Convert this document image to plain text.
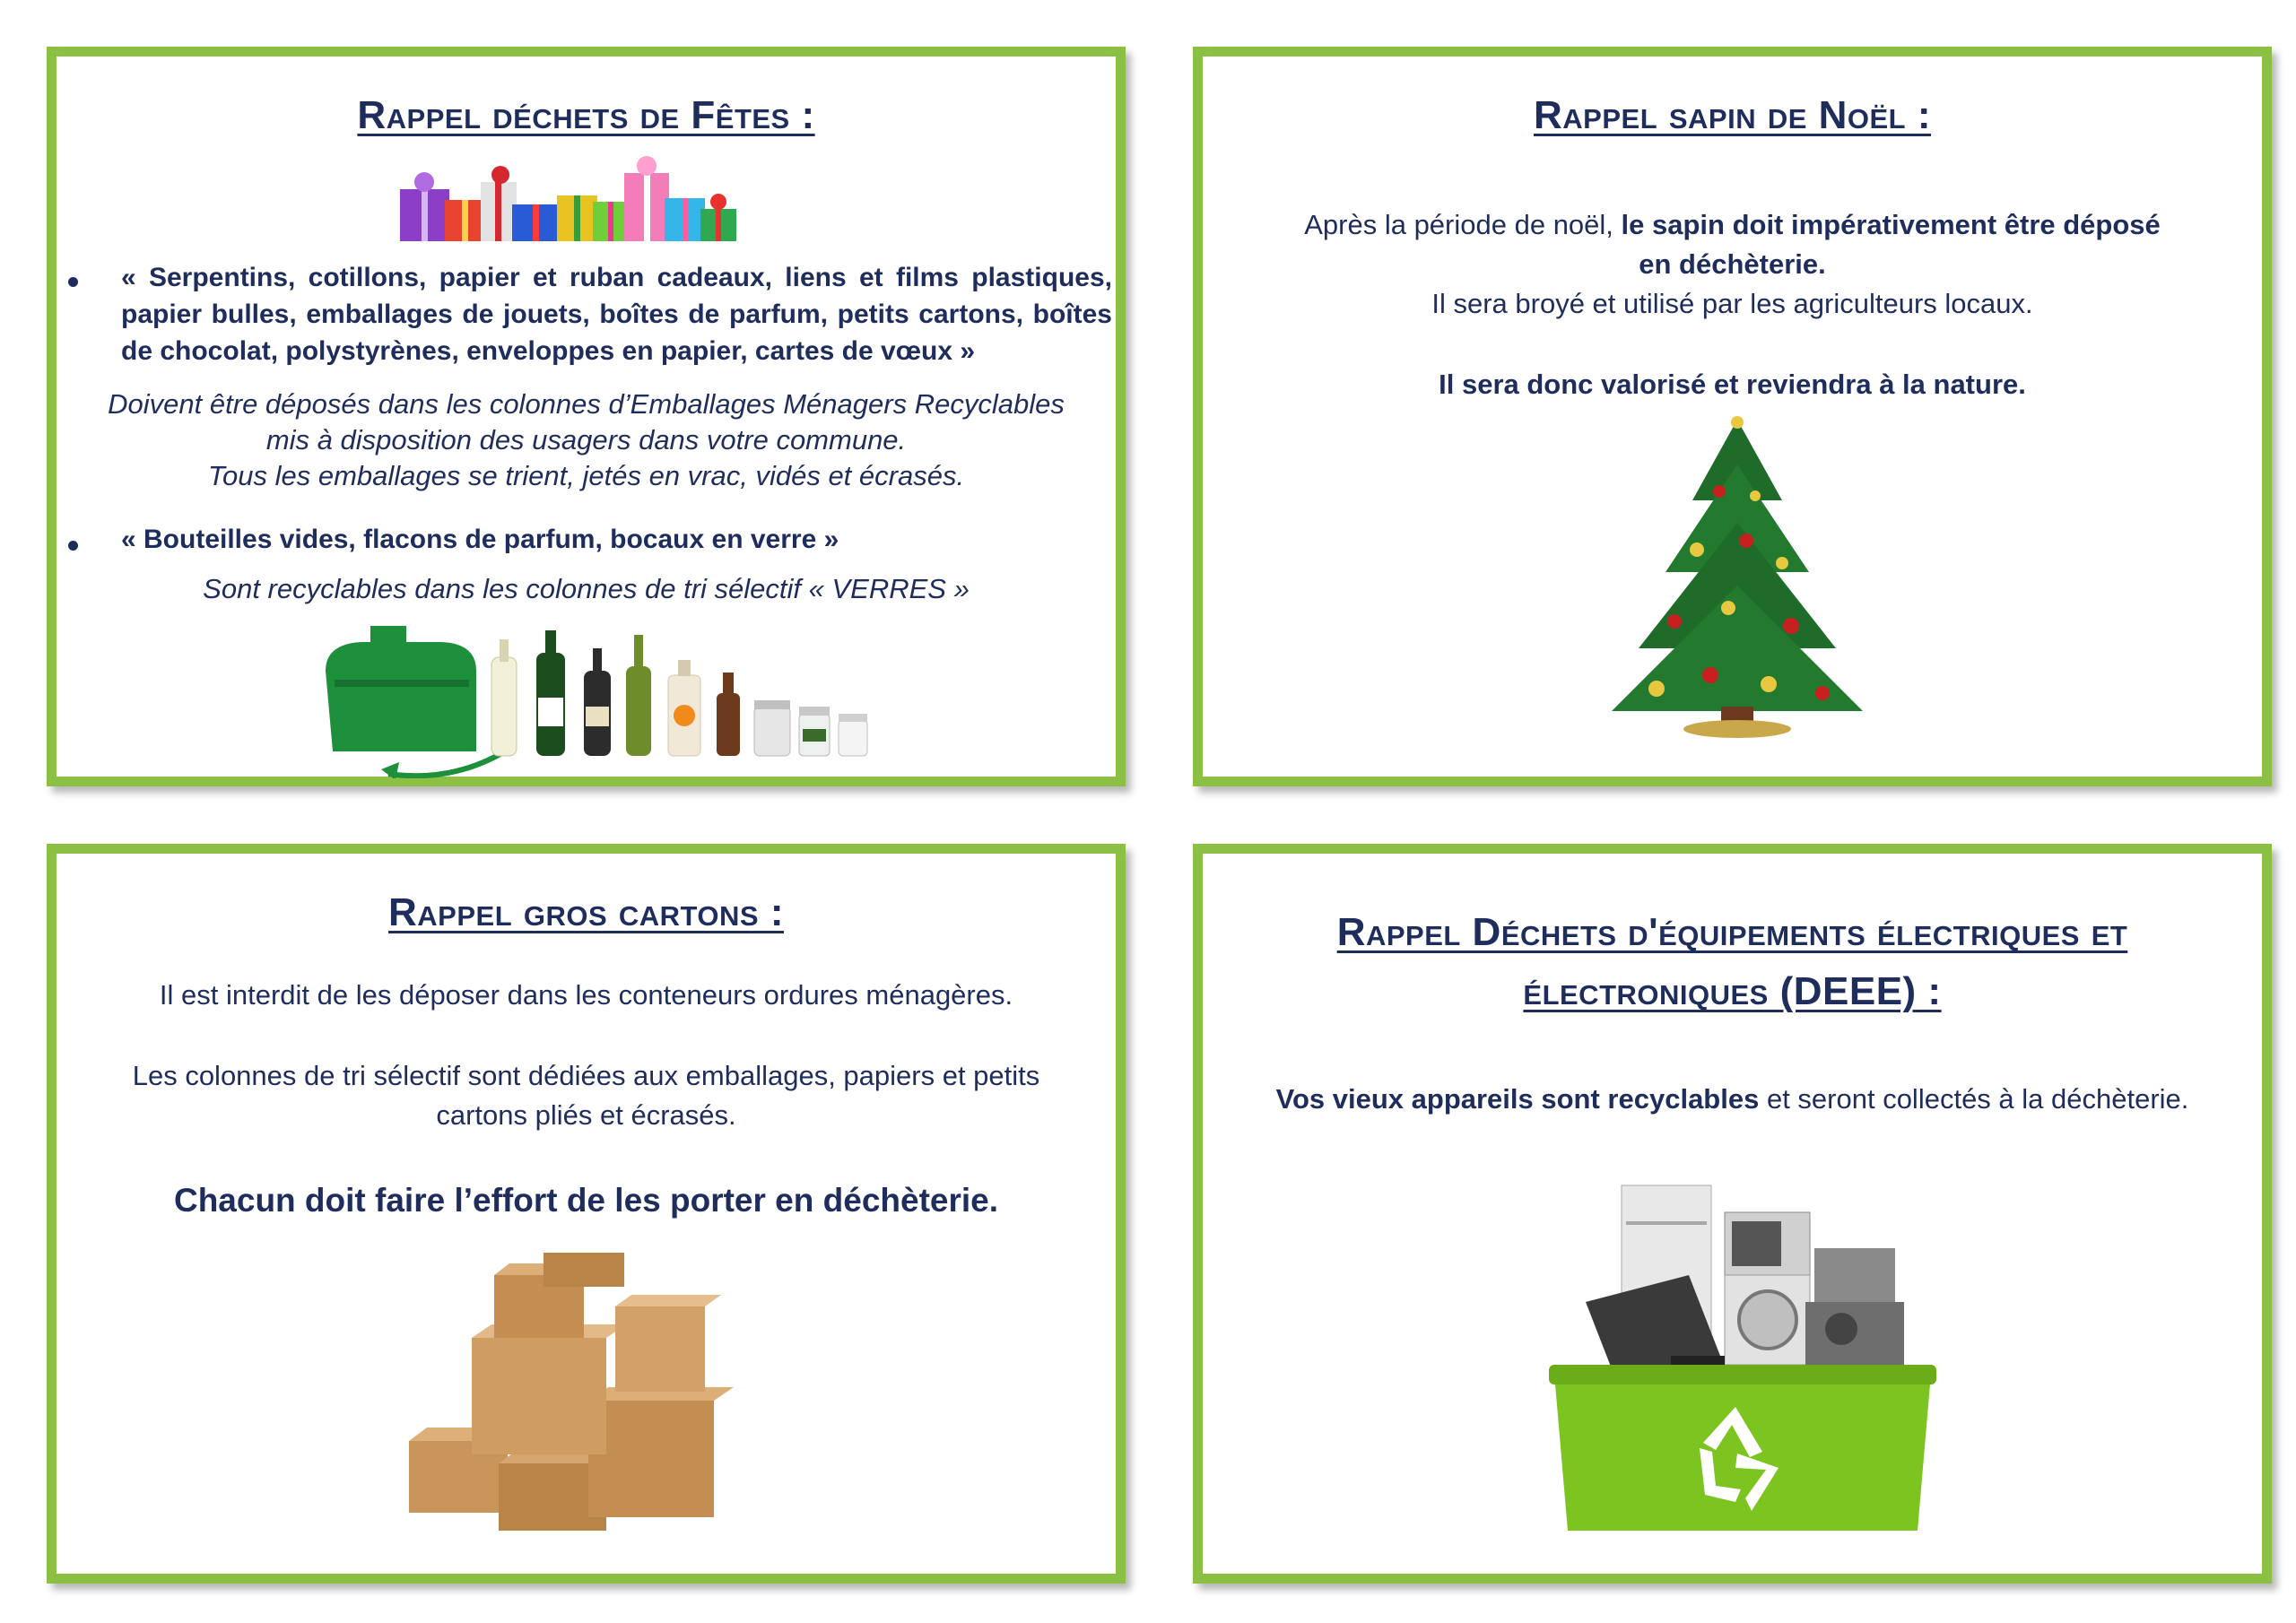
Rappel déchets de Fêtes :

« Serpentins, cotillons, papier et ruban cadeaux, liens et films plastiques, papier bulles, emballages de jouets, boîtes de parfum, petits cartons, boîtes de chocolat, polystyrènes, enveloppes en papier, cartes de vœux »

Doivent être déposés dans les colonnes d’Emballages Ménagers Recyclables

mis à disposition des usagers dans votre commune.

Tous les emballages se trient, jetés en vrac, vidés et écrasés.

« Bouteilles vides, flacons de parfum, bocaux en verre »

Sont recyclables dans les colonnes de tri sélectif « VERRES »

Rappel sapin de Noël :

Après la période de noël, le sapin doit impérativement être déposé

en déchèterie.

Il sera broyé et utilisé par les agriculteurs locaux.

Il sera donc valorisé et reviendra à la nature.

Rappel gros cartons :

Il est interdit de les déposer dans les conteneurs ordures ménagères.

Les colonnes de tri sélectif sont dédiées aux emballages, papiers et petits

cartons pliés et écrasés.

Chacun doit faire l’effort de les porter en déchèterie.

Rappel Déchets d'équipements électriques et
électroniques (DEEE) :

Vos vieux appareils sont recyclables et seront collectés à la déchèterie.
